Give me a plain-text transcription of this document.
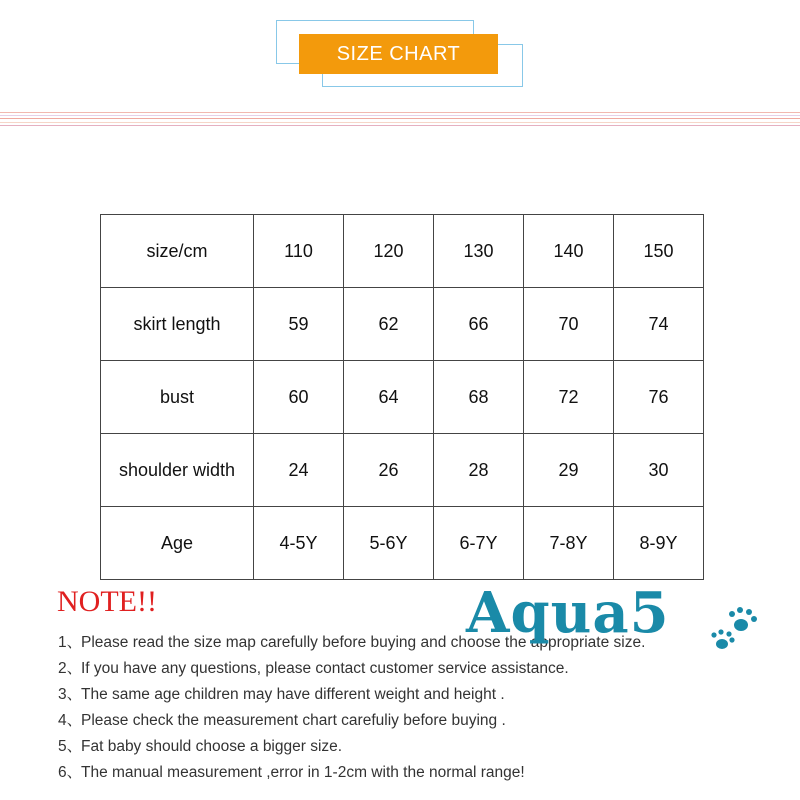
SIZE CHART
size/cm	110	120	130	140	150
skirt length	59	62	66	70	74
bust	60	64	68	72	76
shoulder width	24	26	28	29	30
Age	4-5Y	5-6Y	6-7Y	7-8Y	8-9Y
NOTE!!
1、Please read the size map carefully before buying and choose the appropriate size.
2、If you have any questions, please contact customer service assistance.
3、The same age children may have different weight and height .
4、Please check the measurement chart carefuliy before buying .
5、Fat baby should choose a bigger size.
6、The manual measurement ,error in 1-2cm with the normal range!
Aqua5
